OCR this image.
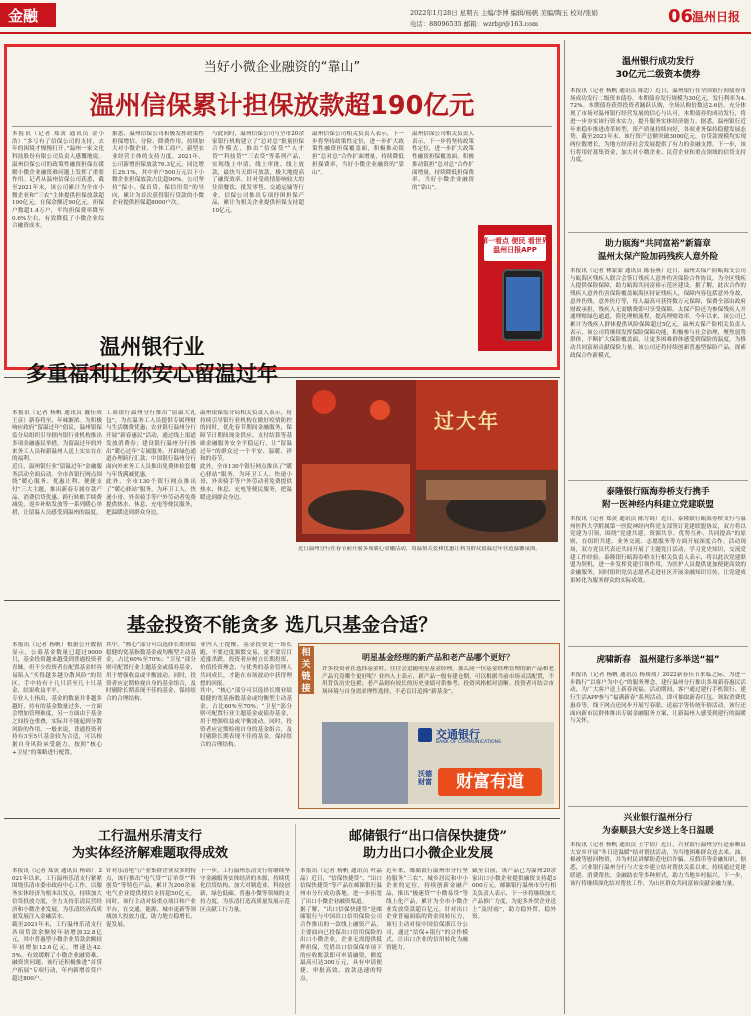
金融	2022年1月28日 星期五 主编/李博 编辑/杨帆 美编/陶玉 校对/张娟
电话：88096535 邮箱：wzrbjr@163.com	06
温州日报
当好小微企业融资的“靠山”
温州信保累计担保放款超190亿元

本报讯（记者 郑黄 通讯员 金小浩）“多亏有了信保公司的支持，去年的困境才慢慢打开。”温州一家文化科技股份有限公司负责人感慨地说。温州信保公司的政策性融资担保在缓解小微企业融资难问题上发挥了重要作用。记者从温州信保公司获悉，截至2021年末，该公司累计为全市小微企业和“三农”主体提供担保放款超190亿元，在保余额近90亿元，担保户数超1.4万户，平均担保费率降至0.6%左右，有效降低了小微企业综合融资成本。

据悉，温州信保公司积极发挥政策性担保增信、分险、降费作用，持续加大对小微企业、个体工商户、新型农业经营主体的支持力度。2021年，公司新增担保放款76.3亿元，同比增长29.1%，其中单户500万元以下小微企业担保放款占比超90%。公司坚持“保小、保首贷、保信用贷”的导向，累计为首次获得银行贷款的小微企业提供担保超8000户次。

与此同时，温州信保公司与全市20余家银行机构建立了“总对总”批量担保合作模式，推出“信保贷”“人才贷”“科技贷”“三农贷”等系列产品，实现线上申请、线上审批、线上放款，最快当天即可放款，极大地提高了融资效率。针对受疫情影响较大的住宿餐饮、批发零售、交通运输等行业，信保公司推出专项纾困担保产品，累计为相关企业提供担保支持超10亿元。

温州信保公司相关负责人表示，下一步将坚持政策性定位，进一步扩大政策性融资担保覆盖面，积极推动银担“总对总”合作扩面增量，持续降低担保费率，当好小微企业融资的“靠山”。

温州信保公司相关负责人表示，下一步将坚持政策性定位，进一步扩大政策性融资担保覆盖面，积极推动银担“总对总”合作扩面增量，持续降低担保费率，当好小微企业融资的“靠山”。

第一看点 便民 看世界 温州日报APP
过大年
近日温州分行在春节前开展多项暖心金融活动，用温情关爱和优惠让利为群众留温过年营造温馨氛围。
温州银行业
多重福利让你安心留温过年

本报讯（记者 杨帆 通讯员 戴佳成 王彦）新春将至，年味渐浓。为积极响应政府“留温过年”倡议，温州银保监分局组织引导辖内银行业机构推出多项金融惠民举措，为留温过年的外来务工人员和新温州人送上实实在在的福利。

近日，温州银行业“留温过年”金融服务活动全面启动。全市各银行网点围绕“暖心服务、优惠让利、便捷支付”三大主题，推出新春专属存款产品、消费信贷优惠、跨行转账手续费减免、返乡补贴发放等一系列暖心举措，让留温人员感受到温州的温度。

工商银行温州分行推出“留温大礼包”，为在温务工人员提供专属理财与生活缴费优惠；农业银行温州分行开展“新春惠民”活动，通过线上渠道发放消费券；建设银行温州分行推出“暖心过年”专属服务，开辟绿色通道办理跨行汇款；中国银行温州分行面向外来务工人员推出免费体检套餐与年货满减优惠。

此外，全市130个银行网点推出了“暖心驿站”服务，为环卫工人、快递小哥、外卖骑手等户外劳动者免费提供热水、休息、充电等便民服务，把温暖送到群众身边。

温州银保监分局相关负责人表示，将持续引导银行业机构在做好疫情防控的同时，优化春节期间金融服务，保障节日期间现金供应、支付结算等基础金融服务安全平稳运行，让“留温过年”的群众过一个平安、温暖、祥和的春节。

此外，全市130个银行网点推出了“暖心驿站”服务，为环卫工人、快递小哥、外卖骑手等户外劳动者免费提供热水、休息、充电等便民服务，把温暖送到群众身边。

基金投资不能贪多 选几只基金合适？

本报讯（记者 杨帆）根据公开数据显示，公募基金数量已超过9000只，基金投资越来越受到普通投资者青睐。但不少投资者在配置基金时容易陷入“买得越多越分散风险”的误区，手中持有十几只甚至几十只基金，结果收益平平。

专业人士指出，基金的数量并非越多越好，持有的基金数量过多，一方面会增加管理难度，另一方面由于基金之间持仓重叠，实际并不能起到分散风险的作用。一般来说，普通投资者持有3至5只基金较为合适，可以根据自身风险承受能力，按照“核心+卫星”的策略进行配置。

其中，“核心”部分可以选择长期业绩稳健的宽基指数基金或均衡型主动基金，占比60%至70%；“卫星”部分则可配置行业主题基金或债券基金，用于增强收益或平衡波动。同时，投资者应定期检视自身的基金组合，及时剔除长期表现不佳的基金，保持组合的合理结构。

业内人士提醒，基金投资是一场长跑，不要过度频繁交易，更不要盲目追涨杀跌。投资者应树立长期投资、价值投资理念，与优秀的基金管理人共同成长，才能在市场波动中获得理想的回报。

其中，“核心”部分可以选择长期业绩稳健的宽基指数基金或均衡型主动基金，占比60%至70%；“卫星”部分则可配置行业主题基金或债券基金，用于增强收益或平衡波动。同时，投资者应定期检视自身的基金组合，及时剔除长期表现不佳的基金，保持组合的合理结构。

相关链接
明星基金经理的新产品和老产品哪个更好？
许多投资者在选择基金时，往往会追随明星基金经理。那么同一位基金经理管理的新产品和老产品究竟哪个更好呢？业内人士表示，新产品一般有建仓期，可以根据当前市场灵活配置，不用背负历史包袱；老产品则有较长的历史业绩可供参考，投资风格相对清晰。投资者可结合市场环境与自身需求理性选择，不必盲目追捧“新基金”。
交通银行
BANK OF COMMUNICATIONS
沃德财富	财富有道
工行温州乐清支行
为实体经济解难题取得成效

本报讯（记者 郑黄 通讯员 杨锦） 2021年以来，工行温州乐清支行紧紧围绕乐清市委市政府中心工作，以服务实体经济为根本出发点，持续加大信贷投放力度，全力支持乐清民营经济和小微企业发展，为乐清经济高质量发展注入金融活水。

截至2021年末，工行温州乐清支行各项贷款余额较年初增加32.8亿元，其中普惠型小微企业贷款余额较年初增加12.6亿元，增速达42.5%，有效缓解了小微企业融资难、融资贵问题。该行还积极推进“首贷户拓展”专项行动，年内新增首贷户超过800户。

针对乐清电气产业集群企业众多的特点，该行推出“电气贷”“订单贷”“科创贷”等特色产品，累计为200余家电气企业提供授信支持超50亿元。同时，该行主动对接重点项目和产业平台，在交通、能源、城市更新等领域加大投放力度，助力地方稳增长、促发展。

下一步，工行温州乐清支行将继续坚守金融服务实体经济的本源，持续优化信贷结构，加大对制造业、科技创新、绿色低碳、普惠小微等领域的支持力度，为乐清打造高质量发展示范区贡献工行力量。

邮储银行“出口信保快捷贷”
助力出口小微企业发展

本报讯（记者 杨帆 通讯员 叶晶晶）近日，“信保快捷贷”、“出口信保快捷贷”等产品在邮储银行温州市分行成功落地，进一步拓宽了出口小微企业融资渠道。

据了解，“出口信保快捷贷”是邮储银行与中国出口信用保险公司合作推出的一款线上融资产品，主要面向已投保出口信用保险的出口小微企业。企业无需提供抵押担保，凭借出口信保保单项下的应收账款即可申请融资，额度最高可达300万元，具有申请便捷、审批高效、放款迅速的特点。

近年来，邮储银行温州市分行坚持服务“三农”、城乡居民和中小企业的定位，持续创新金融产品，推出“极速贷”“小微易贷”等线上化产品，累计为全市小微企业发放贷款超百亿元。针对出口企业普遍面临的资金周转压力，该行主动对接中国信保浙江分公司，通过“信保+银行”的合作模式，让出口企业的信用转化为融资能力。

截至目前，该产品已为温州20余家出口小微企业提供融资支持超3000万元。邮储银行温州市分行相关负责人表示，下一步将继续加大产品推广力度，为更多外贸企业送上“及时雨”，助力稳外贸、稳外资。

温州银行成功发行
30亿元二级资本债券
本报讯（记者 杨帆 通讯员 陈思）近日，温州银行在全国银行间债券市场成功发行二级资本债券。本期债券发行规模为30亿元，发行利率为4.72%。本期债券获得投资者踊跃认购，全场认购倍数达2.6倍，充分体现了市场对温州银行经营发展的信心与认可。本期债券的成功发行，将进一步夯实该行资本实力，提升服务实体经济能力。据悉，温州银行近年来稳步推进改革转型，资产质量持续向好，各项业务保持稳健发展态势。截至2021年末，该行资产总额突破3000亿元，存贷款规模均实现两位数增长，为地方经济社会发展提供了有力的金融支撑。下一步，该行将用好募集资金，加大对小微企业、民营企业和重点领域的信贷支持力度。
助力瓯海“共同富裕”新篇章
温州太保产险加码残疾人意外险
本报讯（记者 林蒙蒙 通讯员 陈春燕）近日，温州太保产险瓯海支公司与瓯海区残疾人联合会签订残疾人意外伤害保险合作协议，为全区残疾人提供保险保障，助力瓯海共同富裕示范区建设。据了解，此次合作的残疾人意外伤害保险覆盖瓯海区持证残疾人，保障内容包括意外身故、意外伤残、意外医疗等，每人最高可获得数万元保障，保费全部由政府财政承担，残疾人无需缴费即可享受保障。太保产险还为参保残疾人开通理赔绿色通道，简化理赔流程，提高理赔效率。今年以来，该公司已累计为残疾人群体提供风险保障超过5亿元。温州太保产险相关负责人表示，该公司将继续发挥保险保障功能，积极参与社会治理，聚焦弱势群体，不断扩大保险覆盖面，让更多困难群体感受到保险的温度，为推动共同富裕贡献保险力量。该公司还将持续创新普惠型保险产品，探索政保合作新模式。
泰隆银行瓯海券桥支行携手
附一医神经内科建立党建联盟
本报讯（记者 郑黄 通讯员 陈方绮）近日，泰隆银行瓯海券桥支行与温州医科大学附属第一医院神经内科党支部签订党建联盟协议，双方将以党建为引领，围绕“党建共建、资源共享、优势互补、共同提高”的原则，在组织共建、业务交流、志愿服务等方面开展深度合作。活动现场，双方党员代表还共同开展了主题党日活动，学习党史知识，交流党建工作经验。泰隆银行瓯海券桥支行相关负责人表示，将以此次党建联盟为契机，进一步发挥党建引领作用，为医护人员提供更加便捷高效的金融服务，同时组织党员志愿者走进社区开展金融知识宣传，让党建成果转化为服务群众的实际成效。
虎啸新春　温州建行多举送“福”
本报讯（记者 杨帆 通讯员 杨琰琰）2022新春佳节来临之际，为进一步践行“以客户为中心”的服务理念，建行温州分行推出多项新春惠民活动，为广大客户送上新春祝福。活动期间，客户通过建行手机银行、建行生活APP参与“福满新春”系列活动，即可抽取新春红包、领取消费优惠券等，线下网点还同步开展写春联、送福字等传统年俗活动。该行还面向新市民群体推出专属金融服务方案，让新温州人感受到建行的温暖与关怀。
兴业银行温州分行
为泰顺县大安乡送上冬日温暖
本报讯（记者 杨帆 通讯员 王宇倩）近日，兴业银行温州分行赴泰顺县大安乡开展“冬日送温暖”结对帮扶活动，为当地困难群众送去米、油、棉被等慰问物资，并为村民讲解防范电信诈骗、反假币等金融知识。据悉，兴业银行温州分行与大安乡建立结对帮扶关系以来，持续通过党建联建、消费帮扶、金融助农等多种形式，助力当地乡村振兴。下一步，该行将继续深化结对帮扶工作，为山区群众共同富裕贡献金融力量。
